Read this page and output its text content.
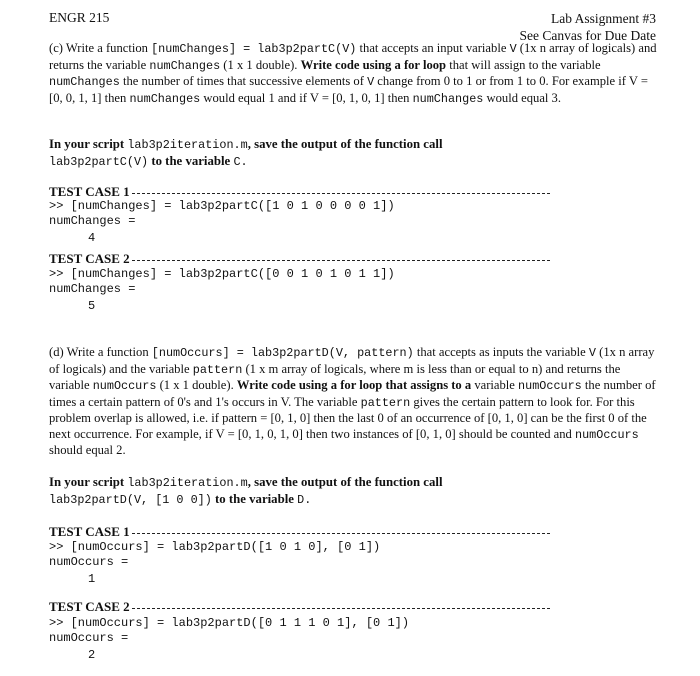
ENGR 215	Lab Assignment #3
See Canvas for Due Date
(c) Write a function [numChanges] = lab3p2partC(V) that accepts an input variable V (1x n array of logicals) and returns the variable numChanges (1 x 1 double). Write code using a for loop that will assign to the variable numChanges the number of times that successive elements of V change from 0 to 1 or from 1 to 0. For example if V = [0, 0, 1, 1] then numChanges would equal 1 and if V = [0, 1, 0, 1] then numChanges would equal 3.
In your script lab3p2iteration.m, save the output of the function call
lab3p2partC(V) to the variable C.
TEST CASE 1
>> [numChanges] = lab3p2partC([1 0 1 0 0 0 0 1])
numChanges =
4
TEST CASE 2
>> [numChanges] = lab3p2partC([0 0 1 0 1 0 1 1])
numChanges =
5
(d) Write a function [numOccurs] = lab3p2partD(V, pattern) that accepts as inputs the variable V (1x n array of logicals) and the variable pattern (1 x m array of logicals, where m is less than or equal to n) and returns the variable numOccurs (1 x 1 double). Write code using a for loop that assigns to a variable numOccurs the number of times a certain pattern of 0's and 1's occurs in V. The variable pattern gives the certain pattern to look for. For this problem overlap is allowed, i.e. if pattern = [0, 1, 0] then the last 0 of an occurrence of [0, 1, 0] can be the first 0 of the next occurrence. For example, if V = [0, 1, 0, 1, 0] then two instances of [0, 1, 0] should be counted and numOccurs should equal 2.
In your script lab3p2iteration.m, save the output of the function call
lab3p2partD(V, [1 0 0]) to the variable D.
TEST CASE 1
>> [numOccurs] = lab3p2partD([1 0 1 0], [0 1])
numOccurs =
1
TEST CASE 2
>> [numOccurs] = lab3p2partD([0 1 1 1 0 1], [0 1])
numOccurs =
2
